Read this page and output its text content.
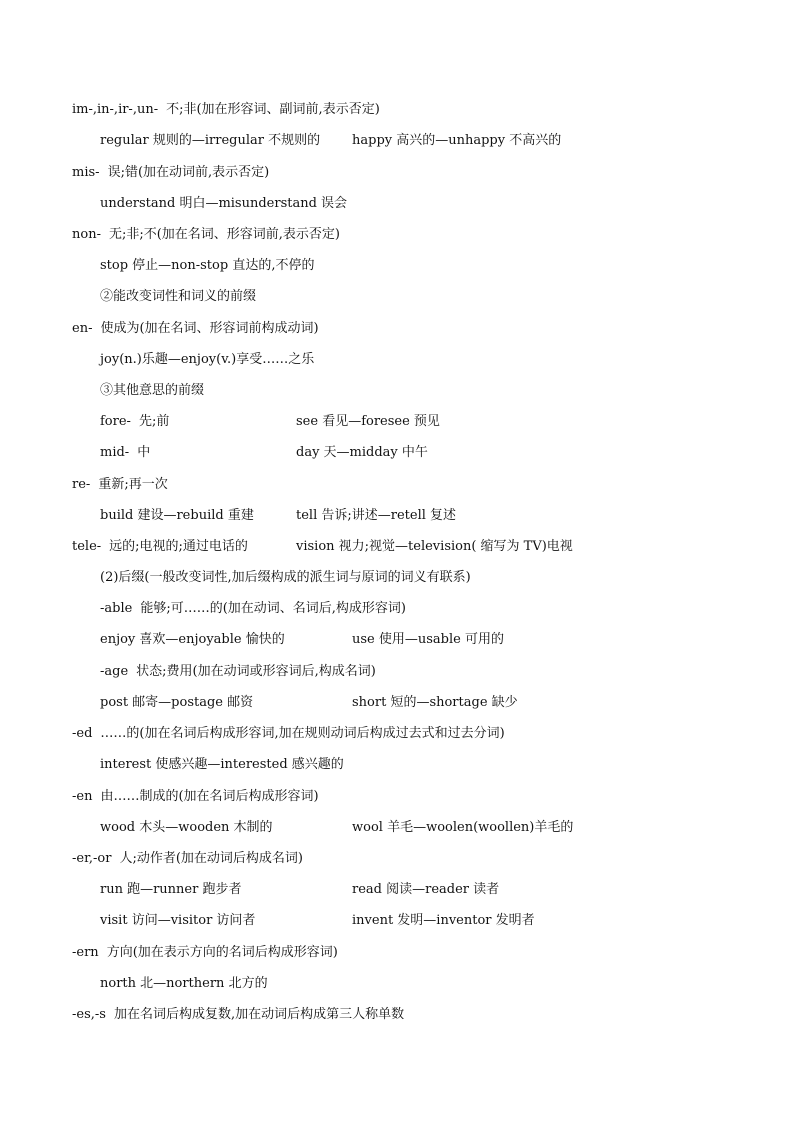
im-,in-,ir-,un- 不;非(加在形容词、副词前,表示否定)
regular 规则的—irregular 不规则的 happy 高兴的—unhappy 不高兴的
mis- 误;错(加在动词前,表示否定)
understand 明白—misunderstand 误会
non- 无;非;不(加在名词、形容词前,表示否定)
stop 停止—non-stop 直达的,不停的
②能改变词性和词义的前缀
en- 使成为(加在名词、形容词前构成动词)
joy(n.)乐趣—enjoy(v.)享受……之乐
③其他意思的前缀
fore- 先;前	see 看见—foresee 预见
mid- 中	day 天—midday 中午
re- 重新;再一次
build 建设—rebuild 重建	tell 告诉;讲述—retell 复述
tele- 远的;电视的;通过电话的	vision 视力;视觉—television( 缩写为 TV)电视
(2)后缀(一般改变词性,加后缀构成的派生词与原词的词义有联系)
-able 能够;可……的(加在动词、名词后,构成形容词)
enjoy 喜欢—enjoyable 愉快的	use 使用—usable 可用的
-age 状态;费用(加在动词或形容词后,构成名词)
post 邮寄—postage 邮资	short 短的—shortage 缺少
-ed ……的(加在名词后构成形容词,加在规则动词后构成过去式和过去分词)
interest 使感兴趣—interested 感兴趣的
-en 由……制成的(加在名词后构成形容词)
wood 木头—wooden 木制的	wool 羊毛—woolen(woollen)羊毛的
-er,-or 人;动作者(加在动词后构成名词)
run 跑—runner 跑步者	read 阅读—reader 读者
visit 访问—visitor 访问者	invent 发明—inventor 发明者
-ern 方向(加在表示方向的名词后构成形容词)
north 北—northern 北方的
-es,-s 加在名词后构成复数,加在动词后构成第三人称单数
